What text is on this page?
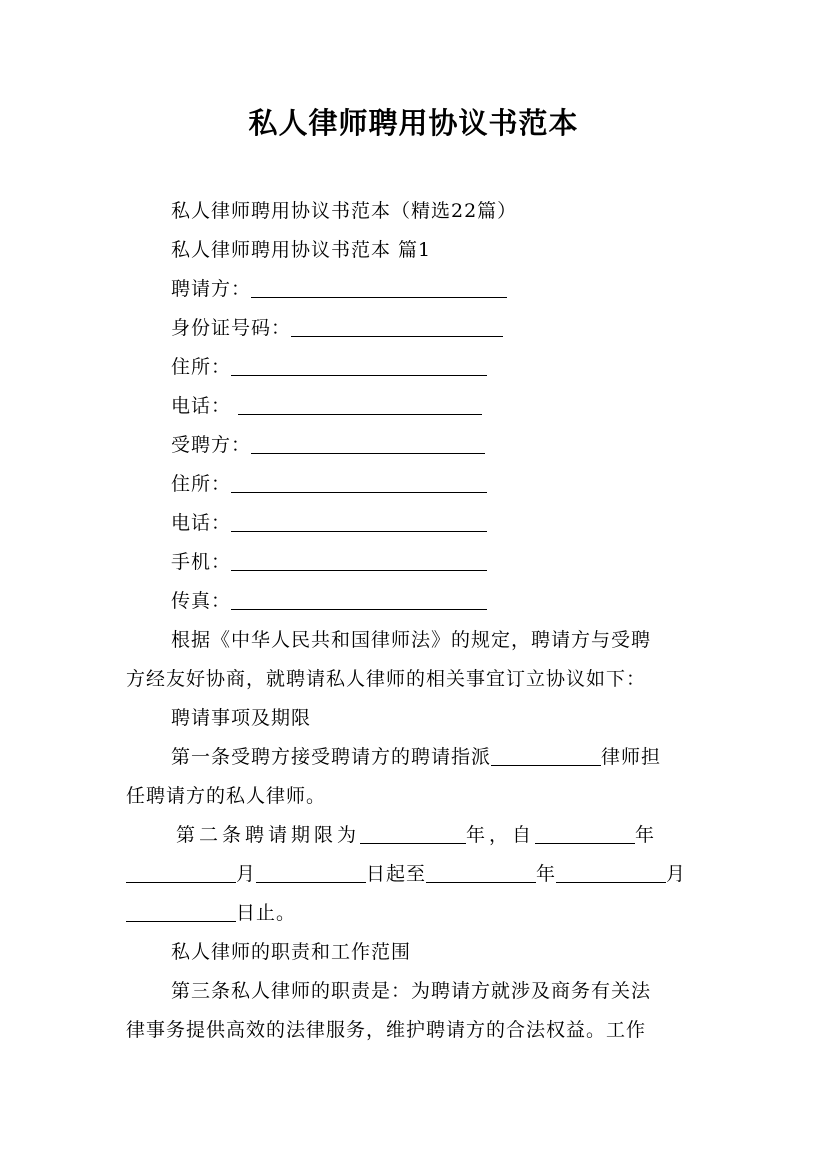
私人律师聘用协议书范本
私人律师聘用协议书范本（精选22篇）
私人律师聘用协议书范本 篇1
聘请方：
身份证号码：
住所：
电话：
受聘方：
住所：
电话：
手机：
传真：
根据《中华人民共和国律师法》的规定，聘请方与受聘
方经友好协商，就聘请私人律师的相关事宜订立协议如下：
聘请事项及期限
第一条受聘方接受聘请方的聘请指派	律师担
任聘请方的私人律师。
第二条聘请期限为	年，自	年
月	日起至	年	月
日止。
私人律师的职责和工作范围
第三条私人律师的职责是：为聘请方就涉及商务有关法
律事务提供高效的法律服务，维护聘请方的合法权益。工作
